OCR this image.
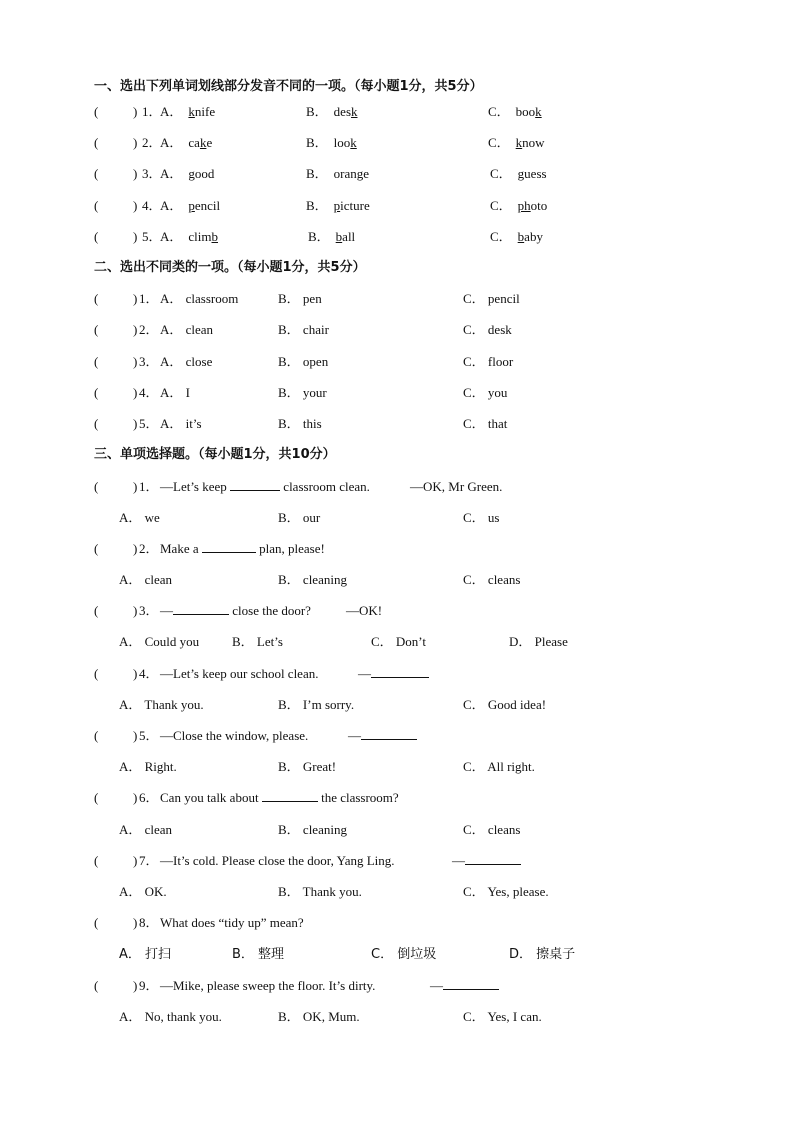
一、选出下列单词划线部分发音不同的一项。（每小题1分，共5分）
(	) 1．
A． knife	B． desk	C． book
(	) 2．
A． cake	B． look	C． know
(	) 3．
A． good	B． orange	C． guess
(	) 4．
A． pencil	B． picture	C． photo
(	) 5．
A． climb	B． ball	C． baby
二、选出不同类的一项。（每小题1分，共5分）
(	) 1． A． classroom	B． pen	C． pencil
(	) 2． A． clean	B． chair	C． desk
(	) 3． A． close	B． open	C． floor
(	) 4． A． I	B． your	C． you
(	) 5． A． it’s	B． this	C． that
三、单项选择题。（每小题1分，共10分）
(	) 1． —Let’s keep	classroom clean.	—OK, Mr Green.
A． we	B． our	C． us
(	) 2． Make a	plan, please!
A． clean	B． cleaning	C． cleans
(	) 3． —	close the door?	—OK!
A． Could you	B． Let’s	C． Don’t	D． Please
(	) 4． —Let’s keep our school clean.	—
A． Thank you.	B． I’m sorry.	C． Good idea!
(	) 5． —Close the window, please.	—
A． Right.	B． Great!	C． All right.
(	) 6． Can you talk about	the classroom?
A． clean	B． cleaning	C． cleans
(	) 7． —It’s cold. Please close the door, Yang Ling.	—
A． OK.	B． Thank you.	C． Yes, please.
(	) 8． What does “tidy up” mean?
A． 打扫	B． 整理	C． 倒垃圾	D． 擦桌子
(	) 9． —Mike, please sweep the floor. It’s dirty.	—
A． No, thank you.	B． OK, Mum.	C． Yes, I can.
